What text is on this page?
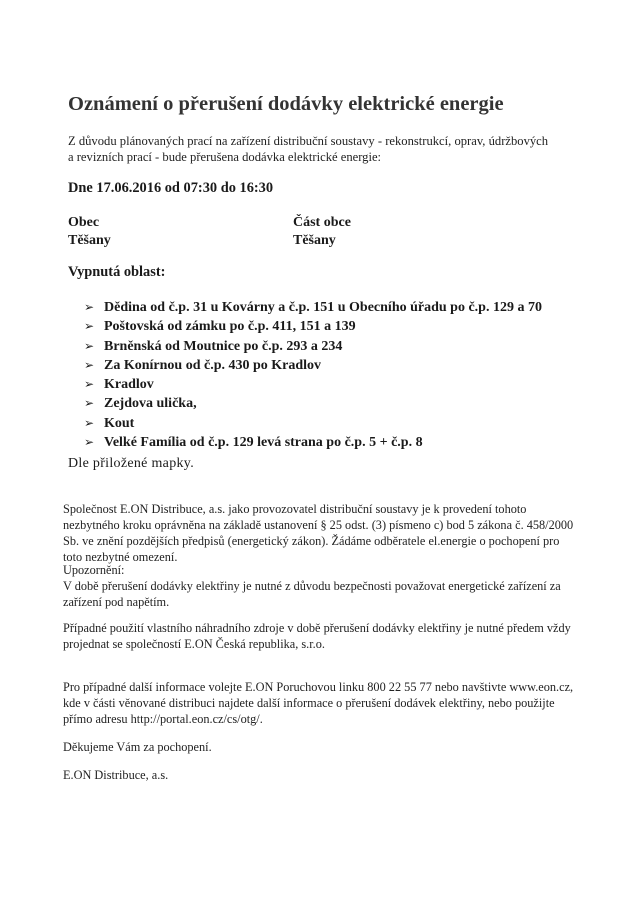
Oznámení o přerušení dodávky elektrické energie
Z důvodu plánovaných prací na zařízení distribuční soustavy - rekonstrukcí, oprav, údržbových
a revizních prací - bude přerušena dodávka elektrické energie:
Dne 17.06.2016 od 07:30 do 16:30
Obec
Těšany
Část obce
Těšany
Vypnutá oblast:
➢ Dědina od č.p. 31 u Kovárny a č.p. 151 u Obecního úřadu po č.p. 129 a 70
➢ Poštovská od zámku po č.p. 411, 151 a 139
➢ Brněnská od Moutnice po č.p. 293 a 234
➢ Za Konírnou od č.p. 430 po Kradlov
➢ Kradlov
➢ Zejdova ulička,
➢ Kout
➢ Velké Família od č.p. 129 levá strana po č.p. 5 + č.p. 8
Dle přiložené mapky.
Společnost E.ON Distribuce, a.s. jako provozovatel distribuční soustavy je k provedení tohoto
nezbytného kroku oprávněna na základě ustanovení § 25 odst. (3) písmeno c) bod 5 zákona č. 458/2000
Sb. ve znění pozdějších předpisů (energetický zákon). Žádáme odběratele el.energie o pochopení pro
toto nezbytné omezení.
Upozornění:
V době přerušení dodávky elektřiny je nutné z důvodu bezpečnosti považovat energetické zařízení za
zařízení pod napětím.
Případné použití vlastního náhradního zdroje v době přerušení dodávky elektřiny je nutné předem vždy
projednat se společností E.ON Česká republika, s.r.o.
Pro případné další informace volejte E.ON Poruchovou linku 800 22 55 77 nebo navštivte www.eon.cz,
kde v části věnované distribuci najdete další informace o přerušení dodávek elektřiny, nebo použijte
přímo adresu http://portal.eon.cz/cs/otg/.
Děkujeme Vám za pochopení.
E.ON Distribuce, a.s.
